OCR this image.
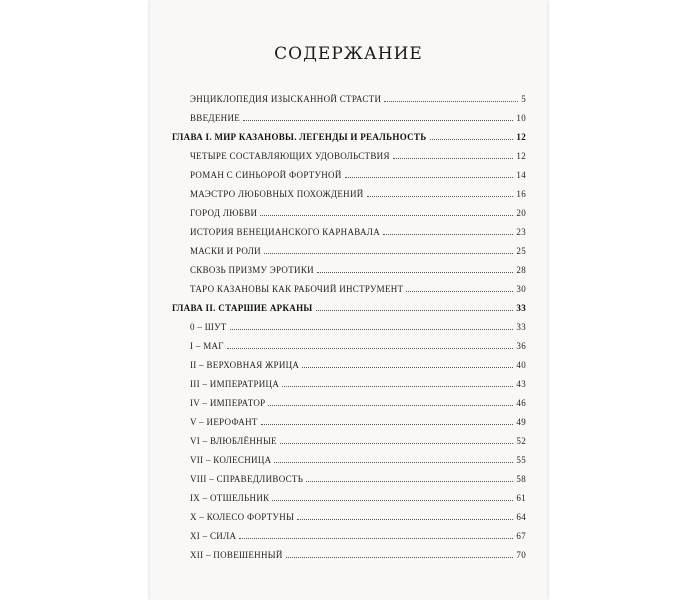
СОДЕРЖАНИЕ
ЭНЦИКЛОПЕДИЯ ИЗЫСКАННОЙ СТРАСТИ	5
ВВЕДЕНИЕ	10
ГЛАВА I. МИР КАЗАНОВЫ. ЛЕГЕНДЫ И РЕАЛЬНОСТЬ	12
ЧЕТЫРЕ СОСТАВЛЯЮЩИХ УДОВОЛЬСТВИЯ	12
РОМАН С СИНЬОРОЙ ФОРТУНОЙ	14
МАЭСТРО ЛЮБОВНЫХ ПОХОЖДЕНИЙ	16
ГОРОД ЛЮБВИ	20
ИСТОРИЯ ВЕНЕЦИАНСКОГО КАРНАВАЛА	23
МАСКИ И РОЛИ	25
СКВОЗЬ ПРИЗМУ ЭРОТИКИ	28
ТАРО КАЗАНОВЫ КАК РАБОЧИЙ ИНСТРУМЕНТ	30
ГЛАВА II. СТАРШИЕ АРКАНЫ	33
0 – ШУТ	33
I – МАГ	36
II – ВЕРХОВНАЯ ЖРИЦА	40
III – ИМПЕРАТРИЦА	43
IV – ИМПЕРАТОР	46
V – ИЕРОФАНТ	49
VI – ВЛЮБЛЁННЫЕ	52
VII – КОЛЕСНИЦА	55
VIII – СПРАВЕДЛИВОСТЬ	58
IX – ОТШЕЛЬНИК	61
X – КОЛЕСО ФОРТУНЫ	64
XI – СИЛА	67
XII – ПОВЕШЕННЫЙ	70
